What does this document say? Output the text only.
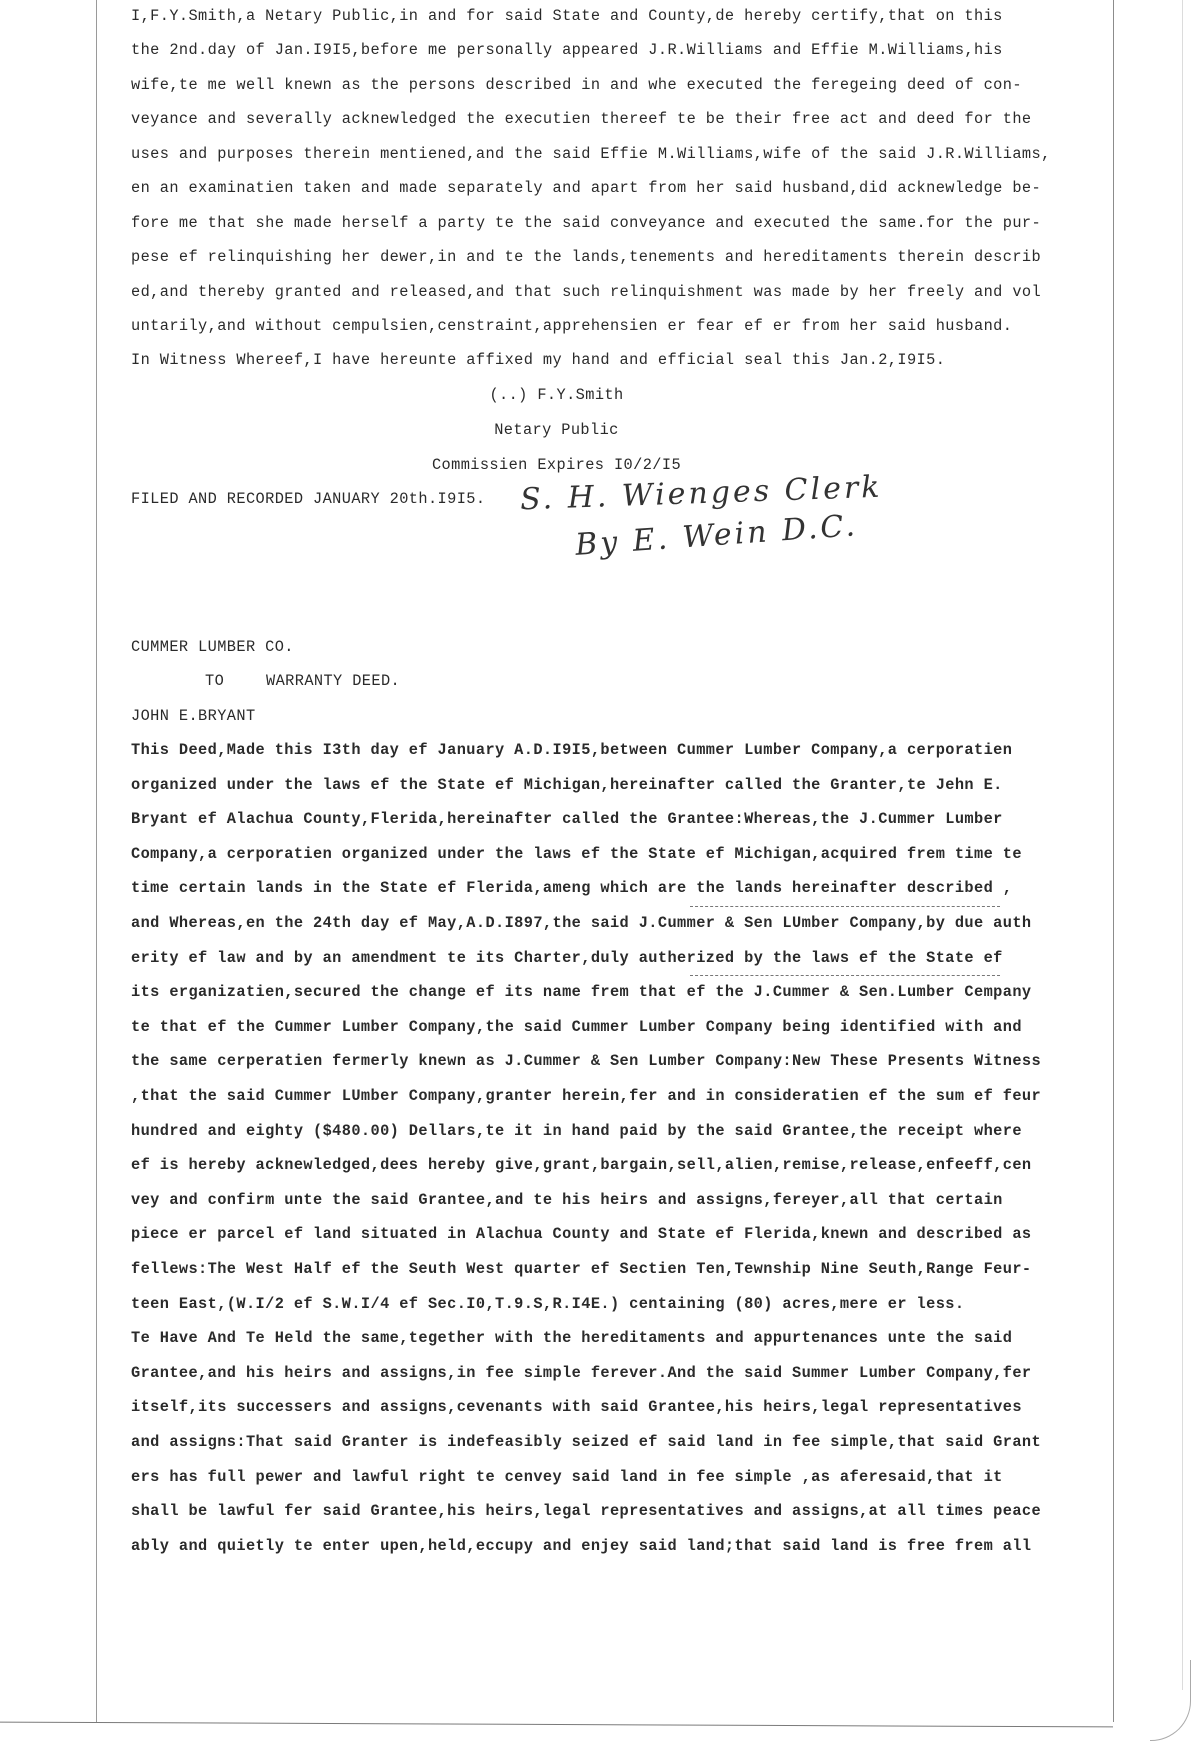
I,F.Y.Smith,a Netary Public,in and for said State and County,de hereby certify,that on this
the 2nd.day of Jan.I9I5,before me personally appeared J.R.Williams and Effie M.Williams,his
wife,te me well knewn as the persons described in and whe executed the feregeing deed of con-
veyance and severally acknewledged the executien thereef te be their free act and deed for the
uses and purposes therein mentiened,and the said Effie M.Williams,wife of the said J.R.Williams,
en an examinatien taken and made separately and apart from her said husband,did acknewledge be-
fore me that she made herself a party te the said conveyance and executed the same.for the pur-
pese ef relinquishing her dewer,in and te the lands,tenements and hereditaments therein describ
ed,and thereby granted and released,and that such relinquishment was made by her freely and vol
untarily,and without cempulsien,censtraint,apprehensien er fear ef er from her said husband.
In Witness Whereef,I have hereunte affixed my hand and efficial seal this Jan.2,I9I5.
(..) F.Y.Smith
Netary Public
Commissien Expires I0/2/I5
FILED AND RECORDED JANUARY 20th.I9I5. S. H. Wienges Clerk
By E. Wein D.C.
CUMMER LUMBER CO.
TO	WARRANTY DEED.
JOHN E.BRYANT
This Deed,Made this I3th day ef January A.D.I9I5,between Cummer Lumber Company,a cerporatien
organized under the laws ef the State ef Michigan,hereinafter called the Granter,te Jehn E.
Bryant ef Alachua County,Flerida,hereinafter called the Grantee:Whereas,the J.Cummer Lumber
Company,a cerporatien organized under the laws ef the State ef Michigan,acquired frem time te
time certain lands in the State ef Flerida,ameng which are the lands hereinafter described ,
and Whereas,en the 24th day ef May,A.D.I897,the said J.Cummer & Sen LUmber Company,by due auth
erity ef law and by an amendment te its Charter,duly autherized by the laws ef the State ef
its erganizatien,secured the change ef its name frem that ef the J.Cummer & Sen.Lumber Cempany
te that ef the Cummer Lumber Company,the said Cummer Lumber Company being identified with and
the same cerperatien fermerly knewn as J.Cummer & Sen Lumber Company:New These Presents Witness
,that the said Cummer LUmber Company,granter herein,fer and in consideratien ef the sum ef feur
hundred and eighty ($480.00) Dellars,te it in hand paid by the said Grantee,the receipt where
ef is hereby acknewledged,dees hereby give,grant,bargain,sell,alien,remise,release,enfeeff,cen
vey and confirm unte the said Grantee,and te his heirs and assigns,fereyer,all that certain
piece er parcel ef land situated in Alachua County and State ef Flerida,knewn and described as
fellews:The West Half ef the Seuth West quarter ef Sectien Ten,Tewnship Nine Seuth,Range Feur-
teen East,(W.I/2 ef S.W.I/4 ef Sec.I0,T.9.S,R.I4E.) centaining (80) acres,mere er less.
Te Have And Te Held the same,tegether with the hereditaments and appurtenances unte the said
Grantee,and his heirs and assigns,in fee simple ferever.And the said Summer Lumber Company,fer
itself,its successers and assigns,cevenants with said Grantee,his heirs,legal representatives
and assigns:That said Granter is indefeasibly seized ef said land in fee simple,that said Grant
ers has full pewer and lawful right te cenvey said land in fee simple ,as aferesaid,that it
shall be lawful fer said Grantee,his heirs,legal representatives and assigns,at all times peace
ably and quietly te enter upen,held,eccupy and enjey said land;that said land is free frem all
